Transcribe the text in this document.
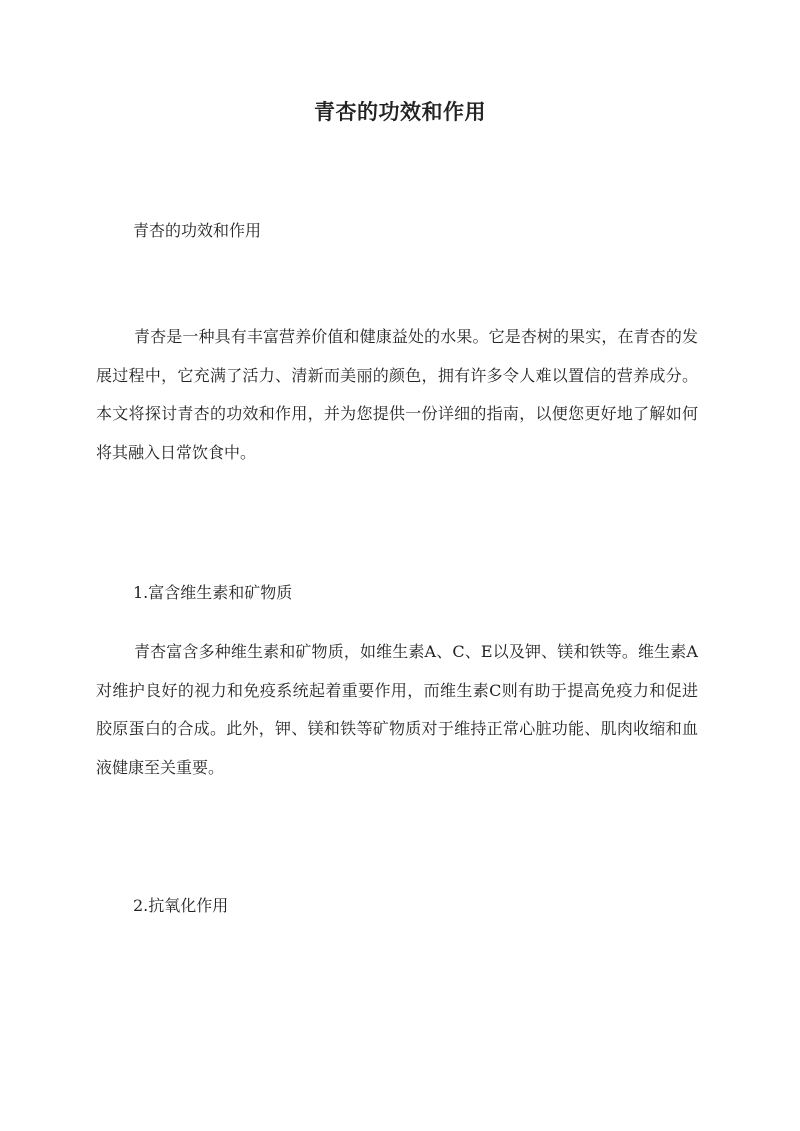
青杏的功效和作用

青杏的功效和作用

青杏是一种具有丰富营养价值和健康益处的水果。它是杏树的果实，在青杏的发展过程中，它充满了活力、清新而美丽的颜色，拥有许多令人难以置信的营养成分。本文将探讨青杏的功效和作用，并为您提供一份详细的指南，以便您更好地了解如何将其融入日常饮食中。

1.富含维生素和矿物质

青杏富含多种维生素和矿物质，如维生素A、C、E以及钾、镁和铁等。维生素A对维护良好的视力和免疫系统起着重要作用，而维生素C则有助于提高免疫力和促进胶原蛋白的合成。此外，钾、镁和铁等矿物质对于维持正常心脏功能、肌肉收缩和血液健康至关重要。

2.抗氧化作用
